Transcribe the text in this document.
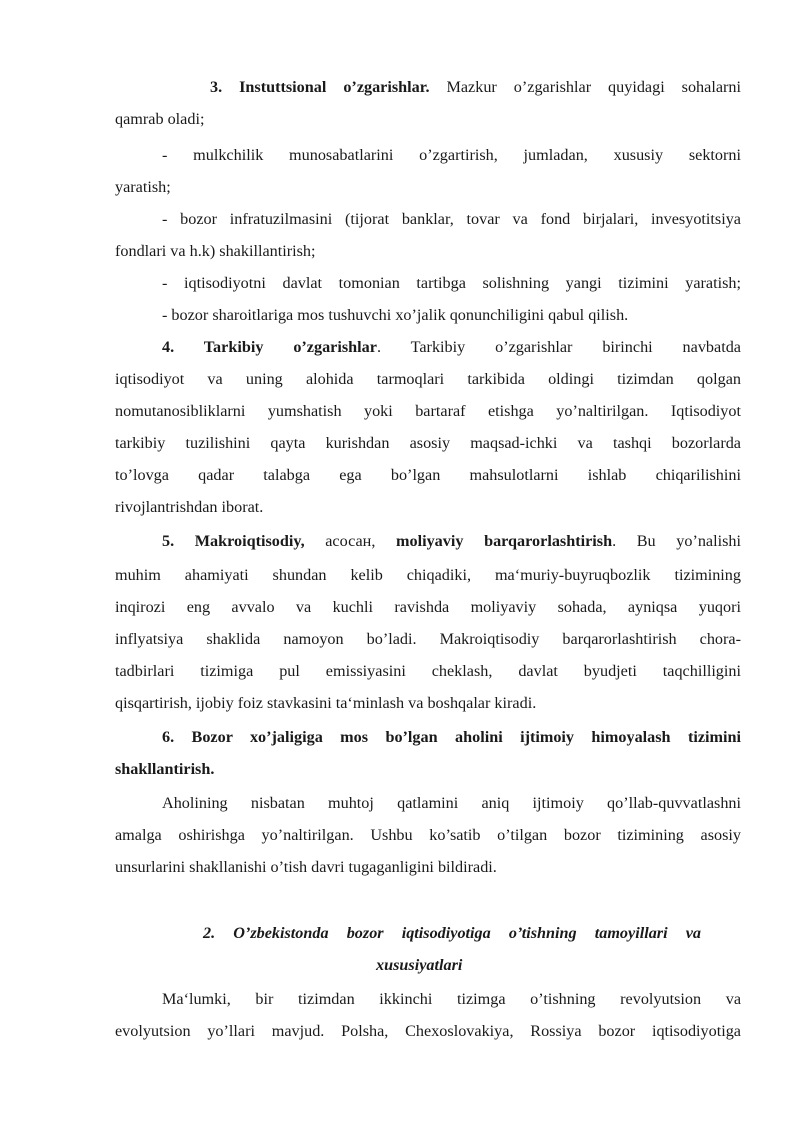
3. Instuttsional o’zgarishlar. Mazkur o’zgarishlar quyidagi sohalarni
qamrab oladi;
- mulkchilik munosabatlarini o’zgartirish, jumladan, xususiy sektorni
yaratish;
- bozor infratuzilmasini (tijorat banklar, tovar va fond birjalari, invesyotitsiya
fondlari va h.k) shakillantirish;
- iqtisodiyotni davlat tomonian tartibga solishning yangi tizimini yaratish;
- bozor sharoitlariga mos tushuvchi xo’jalik qonunchiligini qabul qilish.
4. Tarkibiy o’zgarishlar. Tarkibiy o’zgarishlar birinchi navbatda
iqtisodiyot va uning alohida tarmoqlari tarkibida oldingi tizimdan qolgan
nomutanosibliklarni yumshatish yoki bartaraf etishga yo’naltirilgan. Iqtisodiyot
tarkibiy tuzilishini qayta kurishdan asosiy maqsad-ichki va tashqi bozorlarda
to’lovga qadar talabga ega bo’lgan mahsulotlarni ishlab chiqarilishini
rivojlantrishdan iborat.
5. Makroiqtisodiy, асосан, moliyaviy barqarorlashtirish. Bu yo’nalishi
muhim ahamiyati shundan kelib chiqadiki, ma‘muriy-buyruqbozlik tizimining
inqirozi eng avvalo va kuchli ravishda moliyaviy sohada, ayniqsa yuqori
inflyatsiya shaklida namoyon bo’ladi. Makroiqtisodiy barqarorlashtirish chora-
tadbirlari tizimiga pul emissiyasini cheklash, davlat byudjeti taqchilligini
qisqartirish, ijobiy foiz stavkasini ta‘minlash va boshqalar kiradi.
6. Bozor xo’jaligiga mos bo’lgan aholini ijtimoiy himoyalash tizimini
shakllantirish.
Aholining nisbatan muhtoj qatlamini aniq ijtimoiy qo’llab-quvvatlashni
amalga oshirishga yo’naltirilgan. Ushbu ko’satib o’tilgan bozor tizimining asosiy
unsurlarini shakllanishi o’tish davri tugaganligini bildiradi.
2. O’zbekistonda bozor iqtisodiyotiga o’tishning tamoyillari va
xususiyatlari
Ma‘lumki, bir tizimdan ikkinchi tizimga o’tishning revolyutsion va
evolyutsion yo’llari mavjud. Polsha, Chexoslovakiya, Rossiya bozor iqtisodiyotiga
